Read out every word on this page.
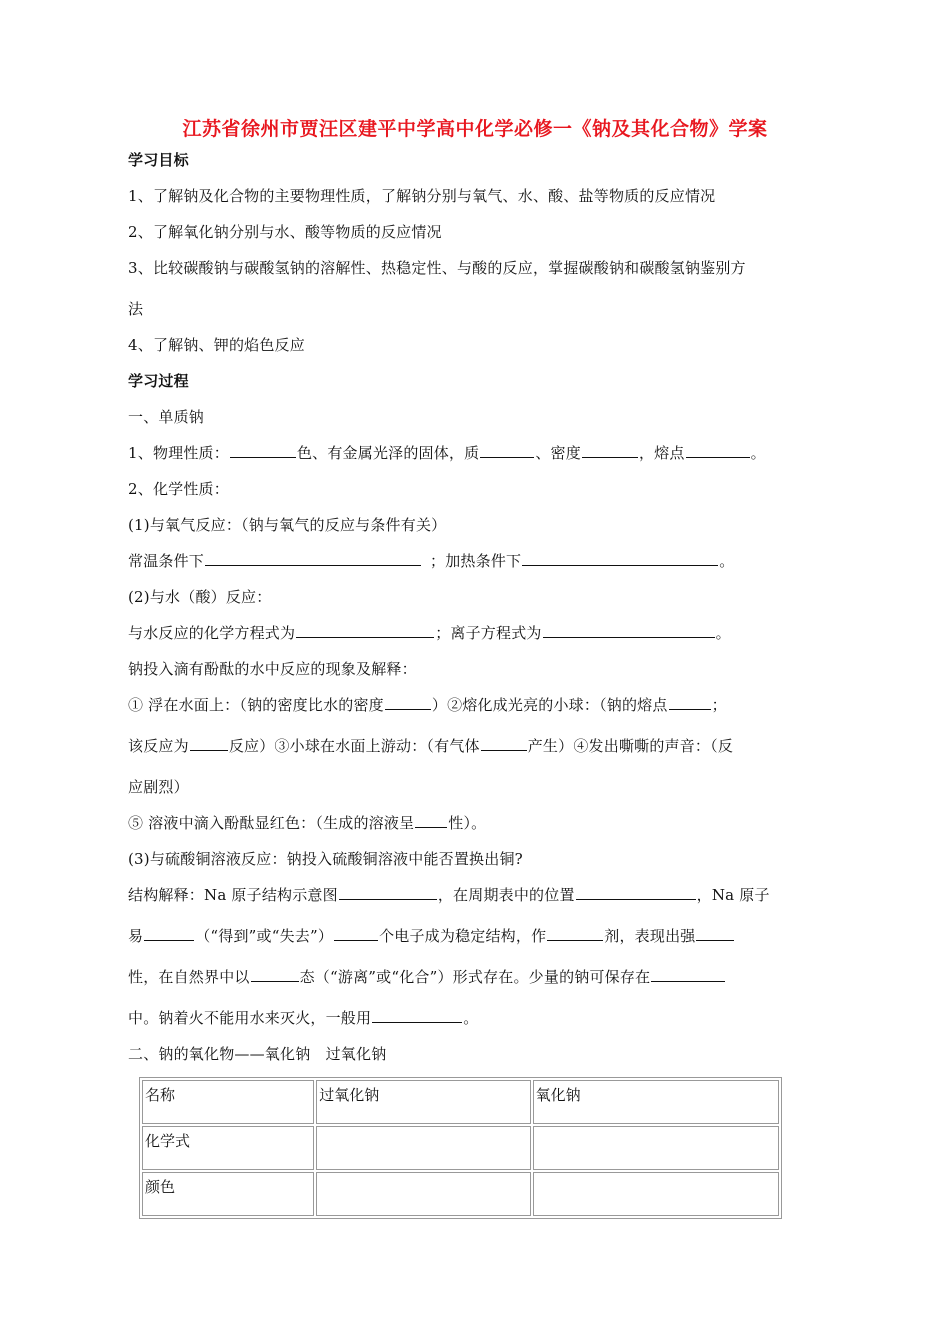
江苏省徐州市贾汪区建平中学高中化学必修一《钠及其化合物》学案
学习目标
1、了解钠及化合物的主要物理性质，了解钠分别与氧气、水、酸、盐等物质的反应情况
2、了解氧化钠分别与水、酸等物质的反应情况
3、比较碳酸钠与碳酸氢钠的溶解性、热稳定性、与酸的反应，掌握碳酸钠和碳酸氢钠鉴别方
法
4、了解钠、钾的焰色反应
学习过程
一、单质钠
1、物理性质：	色、有金属光泽的固体，质	、密度	，熔点	。
2、化学性质：
(1)与氧气反应：（钠与氧气的反应与条件有关）
常温条件下	；加热条件下	。
(2)与水（酸）反应：
与水反应的化学方程式为	；离子方程式为	。
钠投入滴有酚酞的水中反应的现象及解释：
① 浮在水面上：（钠的密度比水的密度	）②熔化成光亮的小球：（钠的熔点	；
该反应为	反应）③小球在水面上游动：（有气体	产生）④发出嘶嘶的声音：（反
应剧烈）
⑤ 溶液中滴入酚酞显红色：（生成的溶液呈 性）。
(3)与硫酸铜溶液反应：钠投入硫酸铜溶液中能否置换出铜?
结构解释：Na 原子结构示意图	，在周期表中的位置	，Na 原子
易	（“得到”或“失去”）	个电子成为稳定结构，作	剂，表现出强
性，在自然界中以	态（“游离”或“化合”）形式存在。少量的钠可保存在
中。钠着火不能用水来灭火，一般用	。
二、钠的氧化物——氧化钠　过氧化钠
名称	过氧化钠	氧化钠
化学式		
颜色		
